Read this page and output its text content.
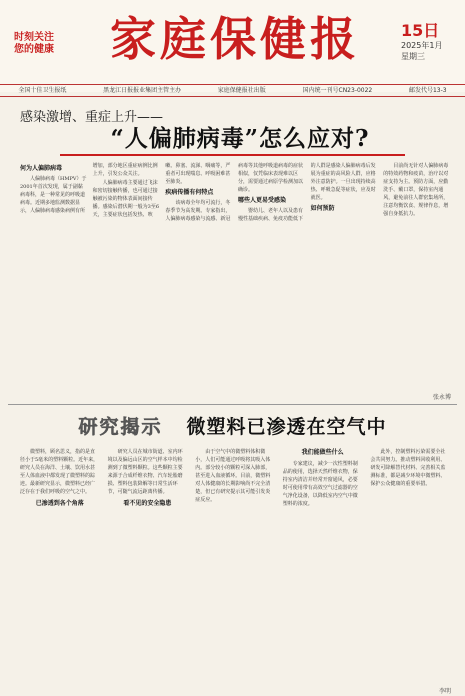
时刻关注
您的健康	家庭保健报	15日
2025年1月
星期三
全国十佳卫生报纸	黑龙江日报报业集团主管主办	家庭保健报社出版	国内统一刊号CN23-0022	邮发代号13-3
感染激增、重症上升——
“人偏肺病毒”怎么应对?
何为人偏肺病毒

人偏肺病毒（HMPV）于2001年首次发现，属于副黏病毒科，是一种常见的呼吸道病毒。近期多地监测数据显示，人偏肺病毒感染病例有所增加，部分地区重症病例比例上升，引发公众关注。

人偏肺病毒主要通过飞沫和密切接触传播，也可通过接触被污染的物体表面间接传播。感染后潜伏期一般为3至6天，主要症状包括发热、咳嗽、鼻塞、流涕、咽痛等，严重者可出现喘息、呼吸困难甚至肺炎。

疾病传播有何特点

该病毒全年均可流行，冬春季节为高发期。专家指出，人偏肺病毒感染与流感、新冠病毒等其他呼吸道病毒的症状相似，仅凭临床表现难以区分，需要通过病原学检测加以确诊。

哪些人更易受感染

婴幼儿、老年人以及患有慢性基础疾病、免疫功能低下的人群是感染人偏肺病毒后发展为重症的高风险人群，应格外注意防护。一旦出现持续高热、呼吸急促等症状，应及时就医。

如何预防

目前尚无针对人偏肺病毒的特效药物和疫苗，治疗以对症支持为主。预防方面，应勤洗手、戴口罩，保持室内通风，避免前往人群密集场所，注意均衡饮食、规律作息，增强自身抵抗力。

张永博
研究揭示 微塑料已渗透在空气中

微塑料，顾名思义，指的是直径小于5毫米的塑料颗粒。近年来，研究人员在海洋、土壤、饮用水甚至人体血液中都发现了微塑料的踪迹。最新研究显示，微塑料已经广泛存在于我们呼吸的空气之中。

已渗透到各个角落

研究人员在城市街道、室内环境以及偏远山区的空气样本中均检测到了微塑料颗粒。这些颗粒主要来源于合成纤维衣物、汽车轮胎磨损、塑料包装降解等日常生活环节，可随气流远距离传播。

看不见的安全隐患

由于空气中的微塑料体积微小，人们可能通过呼吸将其吸入体内。部分较小的颗粒可深入肺部，甚至进入血液循环。目前，微塑料对人体健康的长期影响尚不完全清楚，但已有研究提示其可能引发炎症反应。

我们能做些什么

专家建议，减少一次性塑料制品的使用，选择天然纤维衣物，保持室内清洁并经常开窗通风，必要时可使用带有高效空气过滤器的空气净化设备，以降低室内空气中微塑料的浓度。

此外，控制塑料污染需要全社会共同努力。推动塑料回收利用、研发可降解替代材料、完善相关监测标准，都是减少环境中微塑料、保护公众健康的重要举措。

李明
